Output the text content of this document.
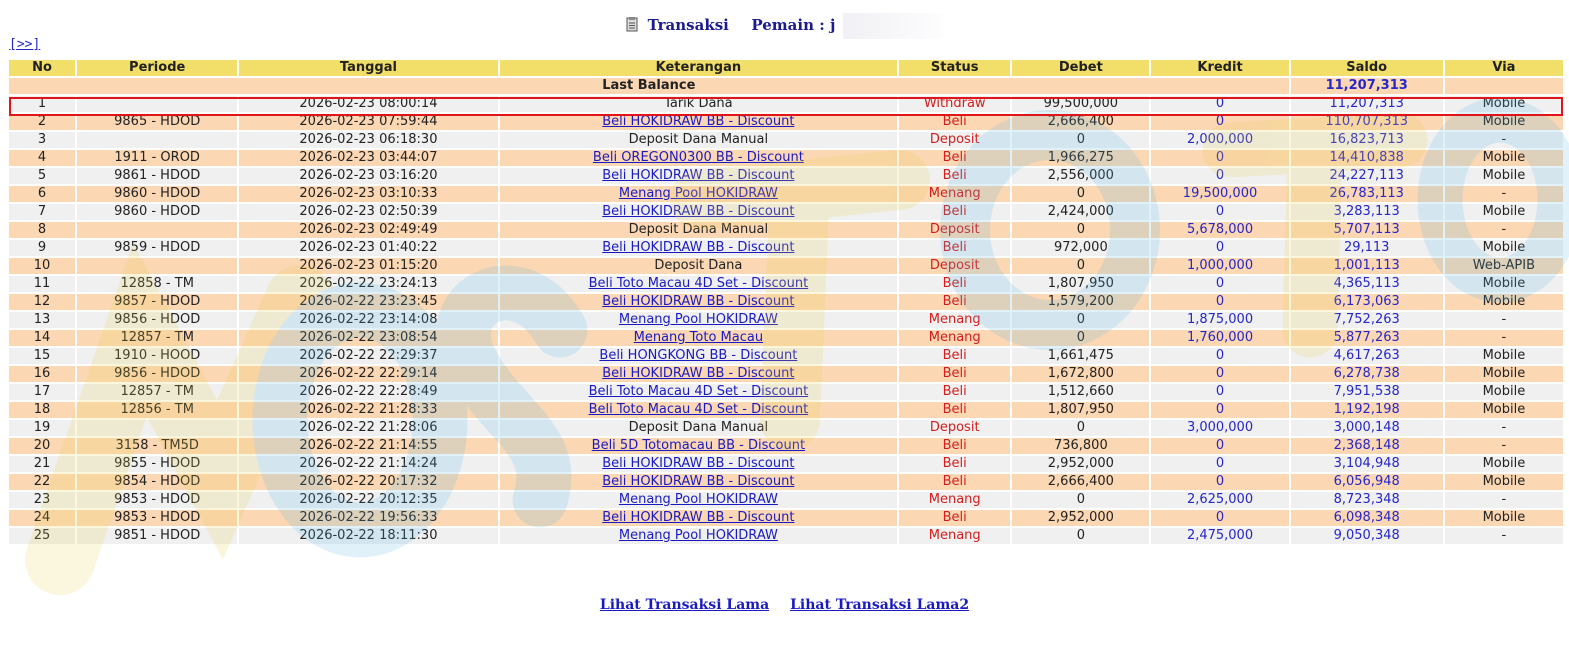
Transaksi Pemain : j
[>>]
No	Periode	Tanggal	Keterangan	Status	Debet	Kredit	Saldo	Via
Last Balance							11,207,313	
1		2026-02-23 08:00:14	Tarik Dana	Withdraw	99,500,000	0	11,207,313	Mobile
2	9865 - HDOD	2026-02-23 07:59:44	Beli HOKIDRAW BB - Discount	Beli	2,666,400	0	110,707,313	Mobile
3		2026-02-23 06:18:30	Deposit Dana Manual	Deposit	0	2,000,000	16,823,713	-
4	1911 - OROD	2026-02-23 03:44:07	Beli OREGON0300 BB - Discount	Beli	1,966,275	0	14,410,838	Mobile
5	9861 - HDOD	2026-02-23 03:16:20	Beli HOKIDRAW BB - Discount	Beli	2,556,000	0	24,227,113	Mobile
6	9860 - HDOD	2026-02-23 03:10:33	Menang Pool HOKIDRAW	Menang	0	19,500,000	26,783,113	-
7	9860 - HDOD	2026-02-23 02:50:39	Beli HOKIDRAW BB - Discount	Beli	2,424,000	0	3,283,113	Mobile
8		2026-02-23 02:49:49	Deposit Dana Manual	Deposit	0	5,678,000	5,707,113	-
9	9859 - HDOD	2026-02-23 01:40:22	Beli HOKIDRAW BB - Discount	Beli	972,000	0	29,113	Mobile
10		2026-02-23 01:15:20	Deposit Dana	Deposit	0	1,000,000	1,001,113	Web-APIB
11	12858 - TM	2026-02-22 23:24:13	Beli Toto Macau 4D Set - Discount	Beli	1,807,950	0	4,365,113	Mobile
12	9857 - HDOD	2026-02-22 23:23:45	Beli HOKIDRAW BB - Discount	Beli	1,579,200	0	6,173,063	Mobile
13	9856 - HDOD	2026-02-22 23:14:08	Menang Pool HOKIDRAW	Menang	0	1,875,000	7,752,263	-
14	12857 - TM	2026-02-22 23:08:54	Menang Toto Macau	Menang	0	1,760,000	5,877,263	-
15	1910 - HOOD	2026-02-22 22:29:37	Beli HONGKONG BB - Discount	Beli	1,661,475	0	4,617,263	Mobile
16	9856 - HDOD	2026-02-22 22:29:14	Beli HOKIDRAW BB - Discount	Beli	1,672,800	0	6,278,738	Mobile
17	12857 - TM	2026-02-22 22:28:49	Beli Toto Macau 4D Set - Discount	Beli	1,512,660	0	7,951,538	Mobile
18	12856 - TM	2026-02-22 21:28:33	Beli Toto Macau 4D Set - Discount	Beli	1,807,950	0	1,192,198	Mobile
19		2026-02-22 21:28:06	Deposit Dana Manual	Deposit	0	3,000,000	3,000,148	-
20	3158 - TM5D	2026-02-22 21:14:55	Beli 5D Totomacau BB - Discount	Beli	736,800	0	2,368,148	-
21	9855 - HDOD	2026-02-22 21:14:24	Beli HOKIDRAW BB - Discount	Beli	2,952,000	0	3,104,948	Mobile
22	9854 - HDOD	2026-02-22 20:17:32	Beli HOKIDRAW BB - Discount	Beli	2,666,400	0	6,056,948	Mobile
23	9853 - HDOD	2026-02-22 20:12:35	Menang Pool HOKIDRAW	Menang	0	2,625,000	8,723,348	-
24	9853 - HDOD	2026-02-22 19:56:33	Beli HOKIDRAW BB - Discount	Beli	2,952,000	0	6,098,348	Mobile
25	9851 - HDOD	2026-02-22 18:11:30	Menang Pool HOKIDRAW	Menang	0	2,475,000	9,050,348	-
Lihat Transaksi Lama Lihat Transaksi Lama2
